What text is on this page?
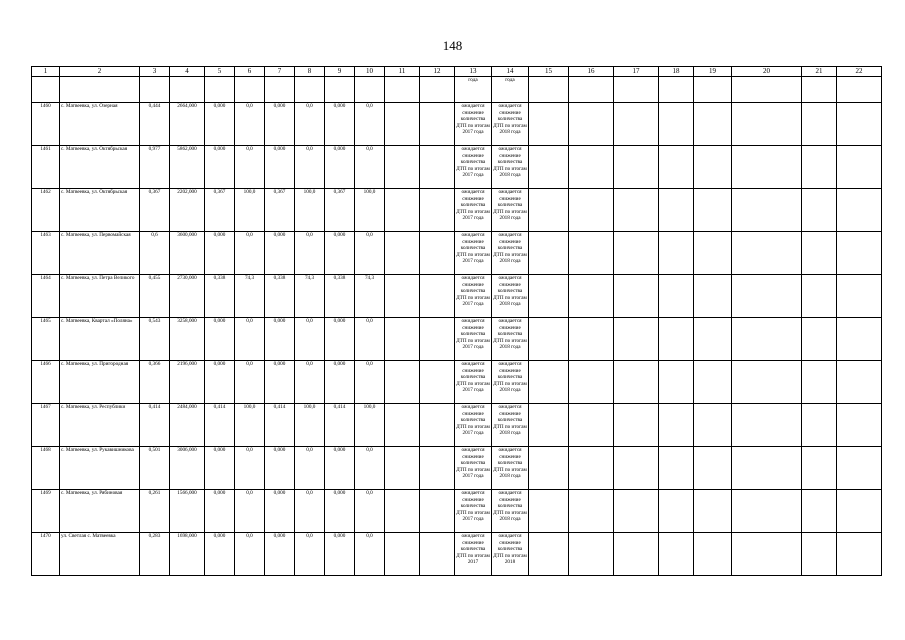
148
1	2	3	4	5	6	7	8	9	10	11	12	13	14	15	16	17	18	19	20	21	22
												года	года								
1460	с. Матвеевка, ул. Озерная	0,444	2664,000	0,000	0,0	0,000	0,0	0,000	0,0			ожидается снижение количества ДТП по итогам 2017 года	ожидается снижение количества ДТП по итогам 2018 года								
1461	с. Матвеевка, ул. Октябрьская	0,977	5862,000	0,000	0,0	0,000	0,0	0,000	0,0			ожидается снижение количества ДТП по итогам 2017 года	ожидается снижение количества ДТП по итогам 2018 года								
1462	с. Матвеевка, ул. Октябрьская	0,367	2202,000	0,367	100,0	0,367	100,0	0,367	100,0			ожидается снижение количества ДТП по итогам 2017 года	ожидается снижение количества ДТП по итогам 2018 года								
1463	с. Матвеевка, ул. Первомайская	0,6	3600,000	0,000	0,0	0,000	0,0	0,000	0,0			ожидается снижение количества ДТП по итогам 2017 года	ожидается снижение количества ДТП по итогам 2018 года								
1464	с. Матвеевка, ул. Петра Великого	0,455	2730,000	0,338	74,3	0,338	74,3	0,338	74,3			ожидается снижение количества ДТП по итогам 2017 года	ожидается снижение количества ДТП по итогам 2018 года								
1465	с. Матвеевка, Квартал «Поляна»	0,543	3258,000	0,000	0,0	0,000	0,0	0,000	0,0			ожидается снижение количества ДТП по итогам 2017 года	ожидается снижение количества ДТП по итогам 2018 года								
1466	с. Матвеевка, ул. Пригородная	0,366	2196,000	0,000	0,0	0,000	0,0	0,000	0,0			ожидается снижение количества ДТП по итогам 2017 года	ожидается снижение количества ДТП по итогам 2018 года								
1467	с. Матвеевка, ул. Республики	0,414	2484,000	0,414	100,0	0,414	100,0	0,414	100,0			ожидается снижение количества ДТП по итогам 2017 года	ожидается снижение количества ДТП по итогам 2018 года								
1468	с. Матвеевка, ул. Рукавишникова	0,501	3006,000	0,000	0,0	0,000	0,0	0,000	0,0			ожидается снижение количества ДТП по итогам 2017 года	ожидается снижение количества ДТП по итогам 2018 года								
1469	с. Матвеевка, ул. Рябиновая	0,261	1566,000	0,000	0,0	0,000	0,0	0,000	0,0			ожидается снижение количества ДТП по итогам 2017 года	ожидается снижение количества ДТП по итогам 2018 года								
1470	ул. Светлая с. Матвеевка	0,283	1698,000	0,000	0,0	0,000	0,0	0,000	0,0			ожидается снижение количества ДТП по итогам 2017	ожидается снижение количества ДТП по итогам 2018								
